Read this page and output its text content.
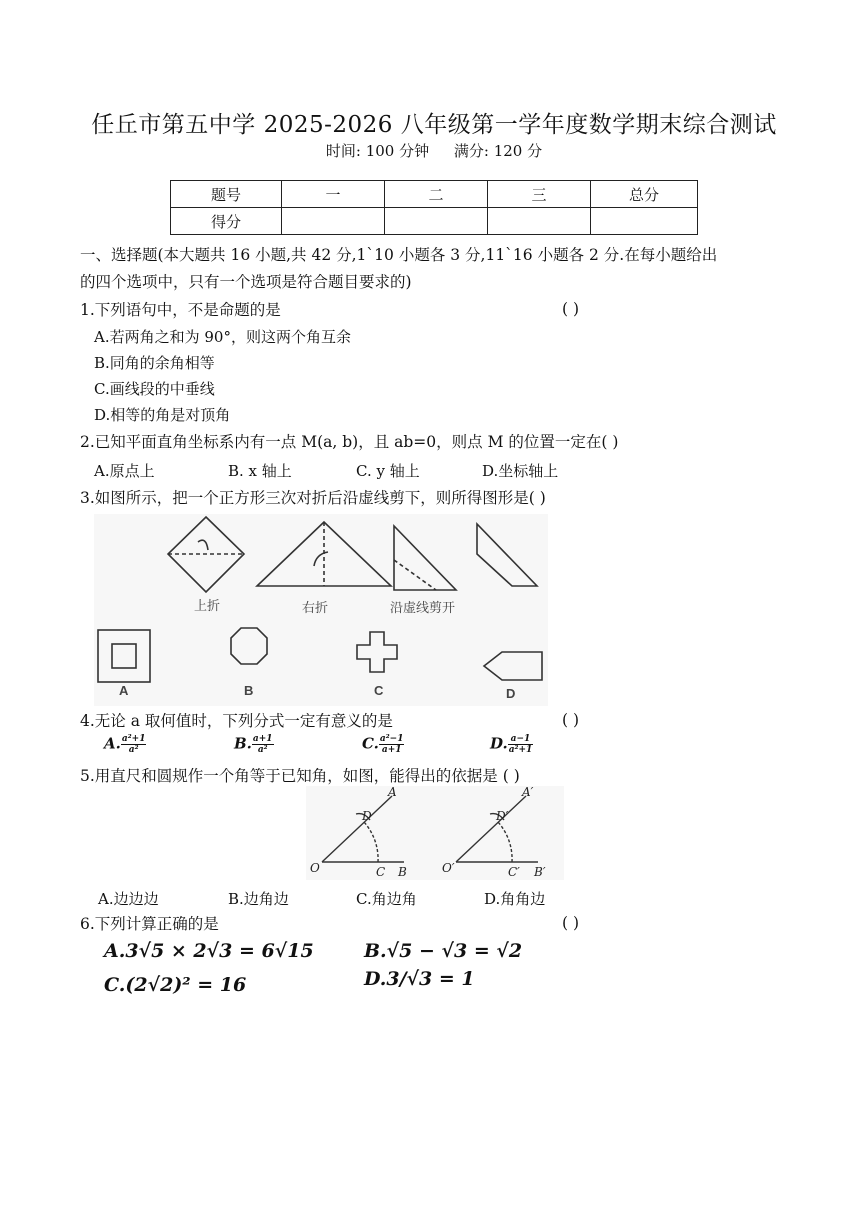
任丘市第五中学 2025-2026 八年级第一学年度数学期末综合测试
时间: 100 分钟 满分: 120 分
题号	一	二	三	总分
得分				
一、选择题(本大题共 16 小题,共 42 分,1`10 小题各 3 分,11`16 小题各 2 分.在每小题给出
的四个选项中，只有一个选项是符合题目要求的)
1.下列语句中，不是命题的是	( )
A.若两角之和为 90°，则这两个角互余
B.同角的余角相等
C.画线段的中垂线
D.相等的角是对顶角
2.已知平面直角坐标系内有一点 M(a, b)，且 ab=0，则点 M 的位置一定在( )
A.原点上	B. x 轴上	C. y 轴上	D.坐标轴上
3.如图所示，把一个正方形三次对折后沿虚线剪下，则所得图形是( )
上折	右折	沿虚线剪开
A	B	C	D
4.无论 a 取何值时，下列分式一定有意义的是	( )
A. $\frac{\text{a²+1}}{\text{a²}}$	B. $\frac{a+1}{\text{a²}}$	C. $\frac{\text{a²−1}}{a+1}$	D. $\frac{a-1}{\text{a²+1}}$
5.用直尺和圆规作一个角等于已知角，如图，能得出的依据是 ( )
A
D
O	C B
A′
D′
O′	C′ B′
A.边边边	B.边角边	C.角边角	D.角角边
6.下列计算正确的是	( )
A.3√5 × 2√3 = 6√15	B.√5 − √3 = √2
C.(2√2)² = 16	D.3/√3 = 1
